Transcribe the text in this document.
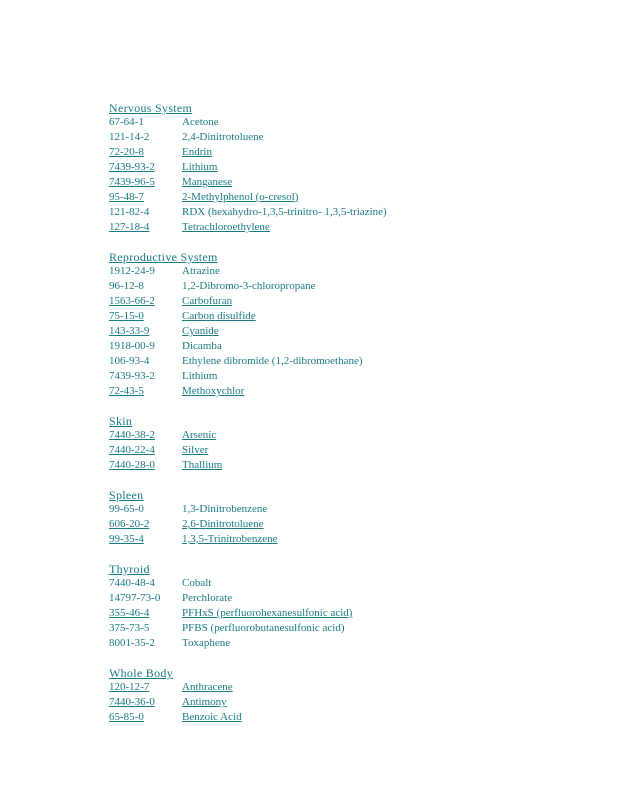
Nervous System
67-64-1	Acetone
121-14-2	2,4-Dinitrotoluene
72-20-8	Endrin
7439-93-2	Lithium
7439-96-5	Manganese
95-48-7	2-Methylphenol (o-cresol)
121-82-4	RDX (hexahydro-1,3,5-trinitro- 1,3,5-triazine)
127-18-4	Tetrachloroethylene
Reproductive System
1912-24-9	Atrazine
96-12-8	1,2-Dibromo-3-chloropropane
1563-66-2	Carbofuran
75-15-0	Carbon disulfide
143-33-9	Cyanide
1918-00-9	Dicamba
106-93-4	Ethylene dibromide (1,2-dibromoethane)
7439-93-2	Lithium
72-43-5	Methoxychlor
Skin
7440-38-2	Arsenic
7440-22-4	Silver
7440-28-0	Thallium
Spleen
99-65-0	1,3-Dinitrobenzene
606-20-2	2,6-Dinitrotoluene
99-35-4	1,3,5-Trinitrobenzene
Thyroid
7440-48-4	Cobalt
14797-73-0	Perchlorate
355-46-4	PFHxS (perfluorohexanesulfonic acid)
375-73-5	PFBS (perfluorobutanesulfonic acid)
8001-35-2	Toxaphene
Whole Body
120-12-7	Anthracene
7440-36-0	Antimony
65-85-0	Benzoic Acid
